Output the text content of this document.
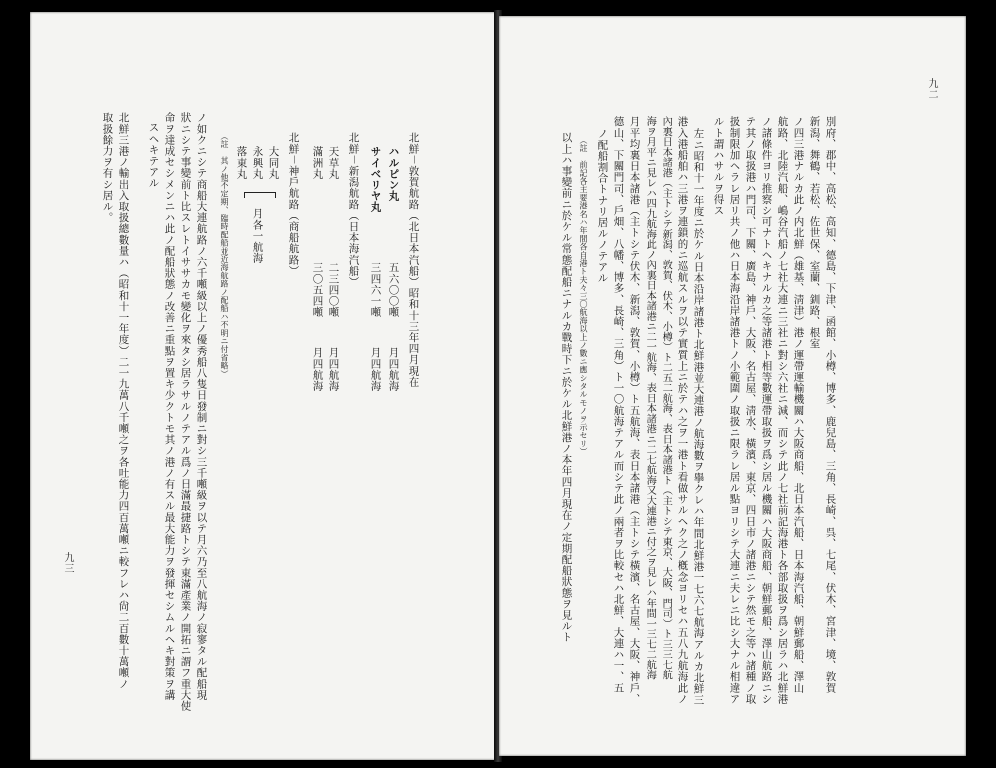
取扱餘力ヲ有シ居ル。 北鮮三港ノ輸出入取扱總數量ハ（昭和十一年度）二一九萬八千噸之ヲ各吐能力四百萬噸ニ較フレハ尙二百數十萬噸ノ スヘキテアル 命ヲ達成セシメンニハ此ノ配船狀態ノ改善ニ重點ヲ置キ少クトモ其ノ港ノ有スル最大能力ヲ發揮セシムルヘキ對策ヲ講 狀ニシテ事變前ト比スレトイササカモ變化ヲ來タシ居ラサルノテアル爲ノ日滿最捷路トシテ東滿產業ノ開拓ニ謂フ重大使 ノ如クニシテ商船大連航路ノ六千噸級以上ノ優秀船八隻日發制ニ對シ三千噸級ヲ以テ月六乃至八航海ノ寂寥タル配船現 （註　其ノ他不定期、臨時配船並近海航路ノ配船ハ不明ニ付省略） 落東丸 永興丸 大同丸
月各一航海 北鮮－神戶航路（商船航路） 滿洲丸
三〇五四噸
月四航海
天草丸
二三四〇噸
月四航海
北鮮－新潟航路（日本海汽船） サイベリヤ丸
三四六一噸
月四航海
ハルピン丸
五六〇〇噸
月四航海 北鮮－敦賀航路（北日本汽船）昭和十三年四月現在
九三	以上ハ事變前ニ於ケル常態配船ニナルカ戰時下ニ於ケル北鮮港ノ本年四月現在ノ定期配船狀態ヲ見ルト （註　前記各主要港名ハ年間各自港ト夫々三〇航海以上ノ數ニ應シタルモノヲ示セリ） ノ配船割合トナリ居ルノテアル 德山、下關門司、戶畑、八幡、博多、長崎、三角）ト一〇航海テアル而シテ此ノ兩者ヲ比較セハ北鮮、大連ハ一、五 月平均裏日本諸港（主トシテ伏木、新潟、敦賀、小樽）ト五航海、表日本諸港（主トシテ橫濱、名古屋、大阪、神戶、 海ヲ月平ニ見レハ四九航海此ノ內裏日本諸港ニ二一航海、表日本諸港ニ二七航海又大連港ニ付之ヲ見レハ年間一三七二航海 內裏日本諸港（主トシテ新潟、敦賀、伏木、小樽）ト二五二航海、表日本諸港ト（主トシテ東京、大阪、門司）ト三三七航 港入港船舶ハ三港ヲ連鎖的ニ巡航スルヲ以テ實質上ニ於テハ之ヲ一港ト看做サルヘク之ノ槪念ヨリセハ五八九航海此ノ 左ニ昭和十一年度ニ於ケル日本沿岸諸港ト北鮮港並大連港ノ航海數ヲ擧クレハ年間北鮮港一七六七航海アルカ北鮮三 ルト謂ハサルヲ得ス 扱制限加ヘラレ居リ共ノ他ハ日本海沿岸諸港トノ小範圍ノ取扱ニ限ラレ居ル點ヨリシテ大連ニ夫レニ比シ大ナル相違ア テ其ノ取扱港ハ門司、下關、廣島、神戶、大阪、名古屋、淸水、橫濱、東京、四日市ノ諸港ニシテ然モ之等ハ諸種ノ取 ノ諸條件ヨリ推察シ可ナトヘキナルカ之等諸港ト相等數運帶取扱ヲ爲シ居ル機關ハ大阪商船、朝鮮郵船、澤山航路ニシ 航路、北陸汽船、嶋谷汽船ノ七社大連ニ三社ニ對シ六社ニ減、而シテ此ノ七社前記海港ト各部取扱ヲ爲シ居ラハ北鮮港 ノ四三港ナルカ此ノ内北鮮（雄基、淸津）港ノ運帶運輸機關ハ大阪商船、北日本汽船、日本海汽船、朝鮮郵船、澤山 新潟、舞鶴、若松、佐世保、室蘭、釧路、根室 別府、郡中、高松、高知、德島、下津、函館、小樽、博多、鹿兒島、三角、長崎、呉、七尾、伏木、宮津、境、敦賀
九二
